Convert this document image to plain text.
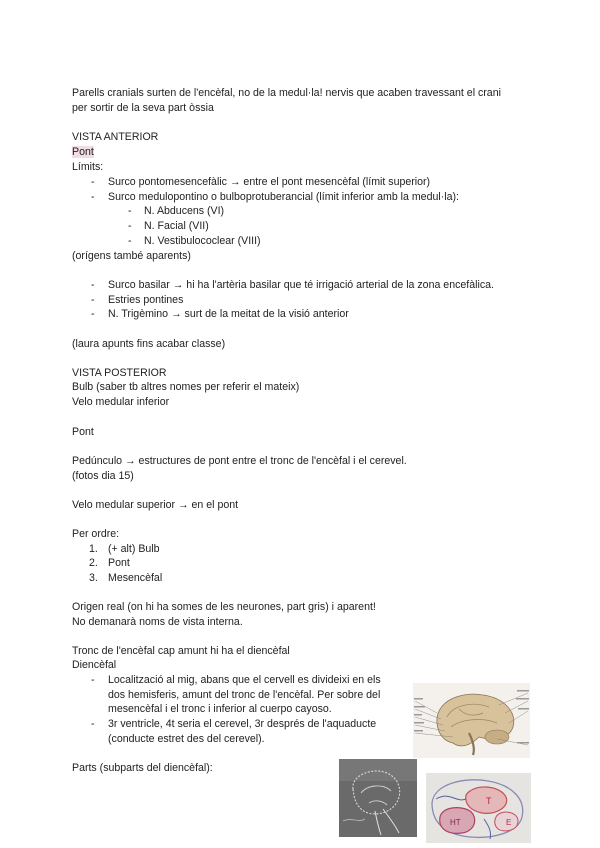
Parells cranials surten de l'encèfal, no de la medul·la! nervis que acaben travessant el crani
per sortir de la seva part òssia
VISTA ANTERIOR
Pont
Límits:
- Surco pontomesencefàlic → entre el pont mesencèfal (límit superior)
- Surco medulopontino o bulboprotuberancial (límit inferior amb la medul·la):
- N. Abducens (VI)
- N. Facial (VII)
- N. Vestibulococlear (VIII)
(orígens també aparents)
- Surco basilar → hi ha l'artèria basilar que té irrigació arterial de la zona encefàlica.
- Estries pontines
- N. Trigèmino → surt de la meitat de la visió anterior
(laura apunts fins acabar classe)
VISTA POSTERIOR
Bulb (saber tb altres nomes per referir el mateix)
Velo medular inferior
Pont
Pedúnculo → estructures de pont entre el tronc de l'encèfal i el cerevel.
(fotos dia 15)
Velo medular superior → en el pont
Per ordre:
1. (+ alt) Bulb
2. Pont
3. Mesencèfal
Origen real (on hi ha somes de les neurones, part gris) i aparent!
No demanarà noms de vista interna.
Tronc de l'encèfal cap amunt hi ha el diencèfal
Diencèfal
- Localització al mig, abans que el cervell es divideixi en els
dos hemisferis, amunt del tronc de l'encèfal. Per sobre del
mesencèfal i el tronc i inferior al cuerpo cayoso.
- 3r ventricle, 4t seria el cerevel, 3r després de l'aquaducte
(conducte estret des del cerevel).
Parts (subparts del diencèfal):
T
HT	E
